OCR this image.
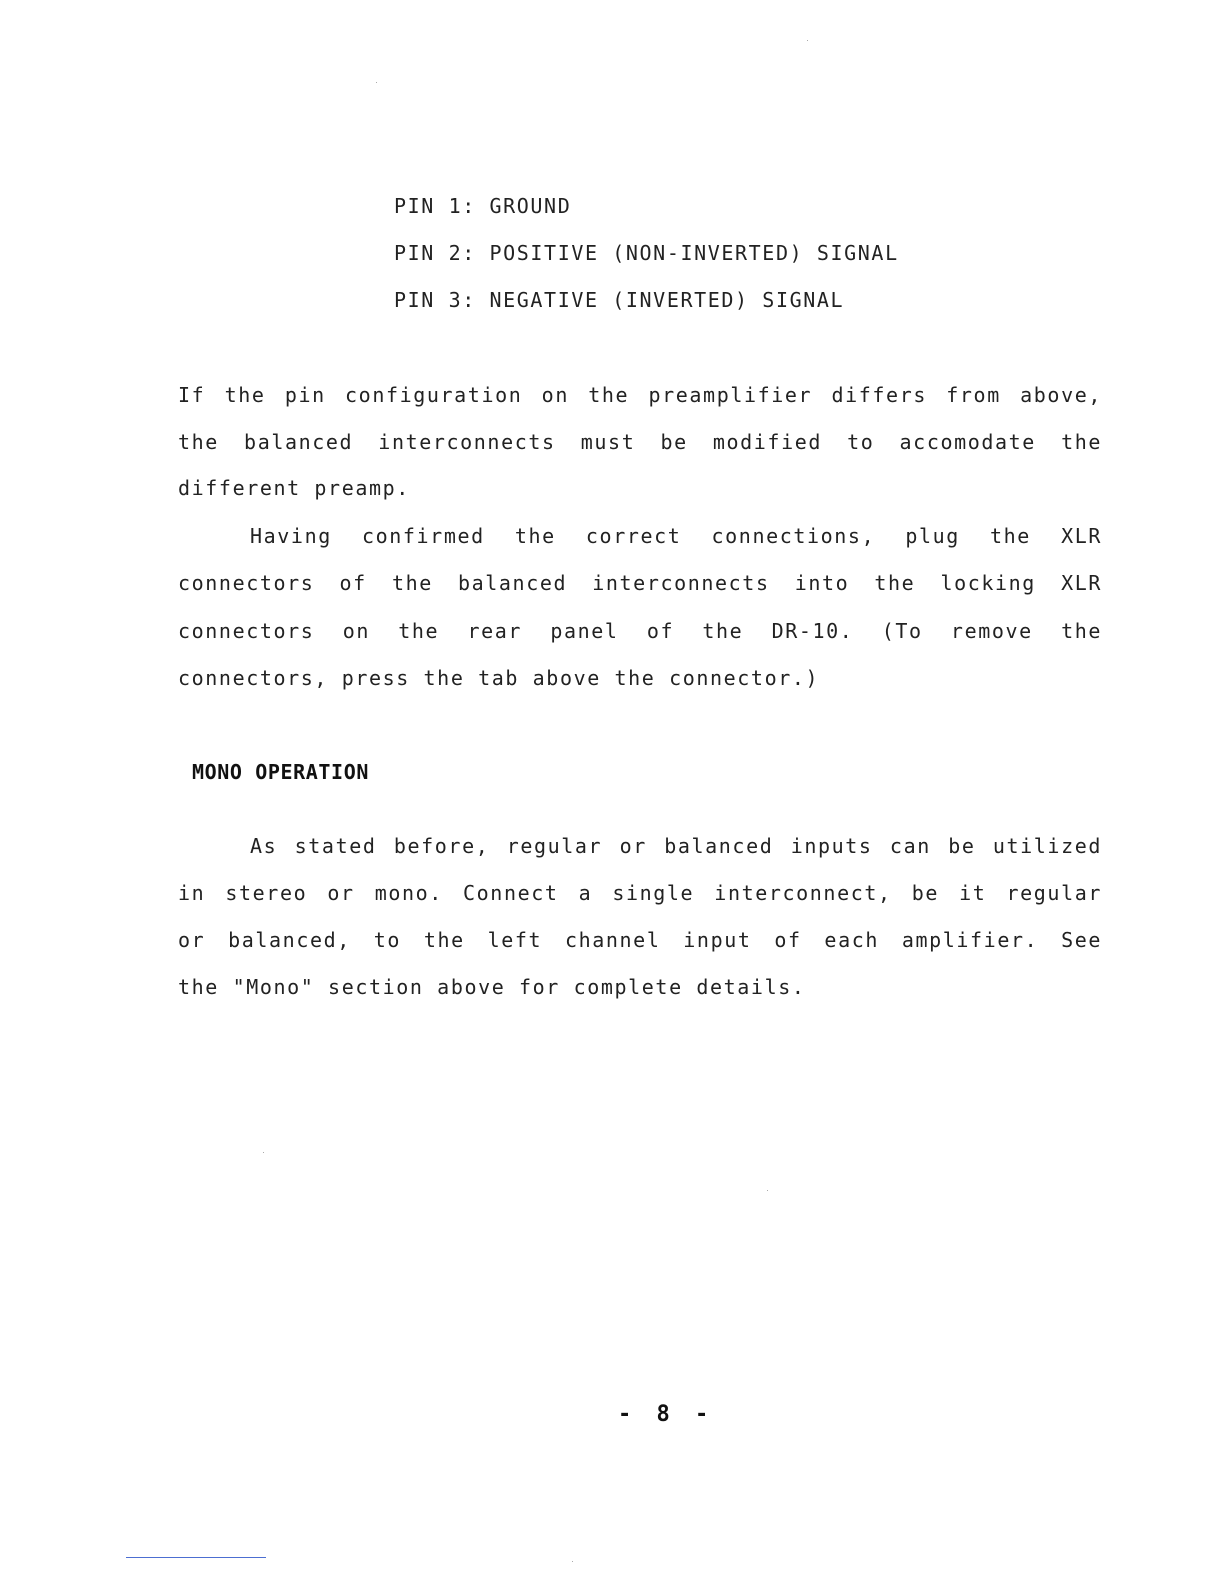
PIN 1: GROUND
PIN 2: POSITIVE (NON-INVERTED) SIGNAL
PIN 3: NEGATIVE (INVERTED) SIGNAL
If the pin configuration on the preamplifier differs from above,
the balanced interconnects must be modified to accomodate the
different preamp.
Having confirmed the correct connections, plug the XLR
connectors of the balanced interconnects into the locking XLR
connectors on the rear panel of the DR-10. (To remove the
connectors, press the tab above the connector.)
MONO OPERATION
As stated before, regular or balanced inputs can be utilized
in stereo or mono. Connect a single interconnect, be it regular
or balanced, to the left channel input of each amplifier. See
the "Mono" section above for complete details.
- 8 -
